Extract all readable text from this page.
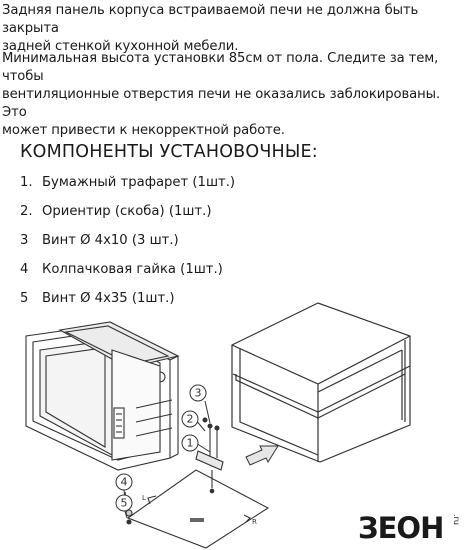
Задняя панель корпуса встраиваемой печи не должна быть закрыта
задней стенкой кухонной мебели.
Минимальная высота установки 85см от пола. Следите за тем, чтобы
вентиляционные отверстия печи не оказались заблокированы. Это
может привести к некорректной работе.
КОМПОНЕНТЫ УСТАНОВОЧНЫЕ:
1. Бумажный трафарет (1шт.)
2. Ориентир (скоба) (1шт.)
3 Винт Ø 4х10 (3 шт.)
4 Колпачковая гайка (1шт.)
5 Винт Ø 4х35 (1шт.)
L
R
3
2
1
4
5
ЗЕОН .ru
